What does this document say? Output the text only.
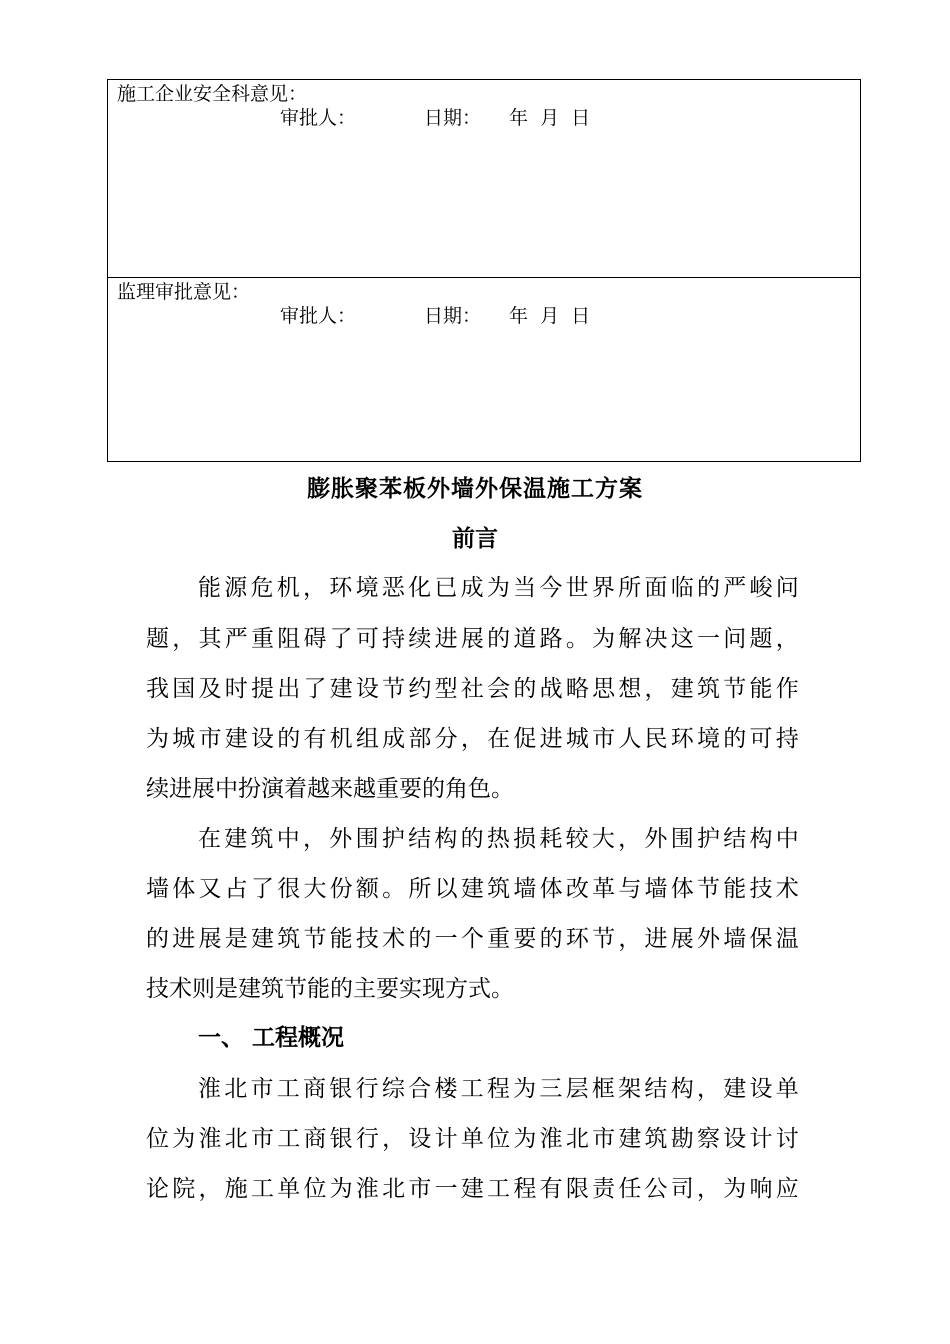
施工企业安全科意见：
审批人：	日期： 年  月  日
监理审批意见：
审批人：	日期： 年  月  日
膨胀聚苯板外墙外保温施工方案
前言
能源危机，环境恶化已成为当今世界所面临的严峻问
题，其严重阻碍了可持续进展的道路。为解决这一问题，
我国及时提出了建设节约型社会的战略思想，建筑节能作
为城市建设的有机组成部分，在促进城市人民环境的可持
续进展中扮演着越来越重要的角色。
在建筑中，外围护结构的热损耗较大，外围护结构中
墙体又占了很大份额。所以建筑墙体改革与墙体节能技术
的进展是建筑节能技术的一个重要的环节，进展外墙保温
技术则是建筑节能的主要实现方式。
一、 工程概况
淮北市工商银行综合楼工程为三层框架结构，建设单
位为淮北市工商银行，设计单位为淮北市建筑勘察设计讨
论院，施工单位为淮北市一建工程有限责任公司，为响应
